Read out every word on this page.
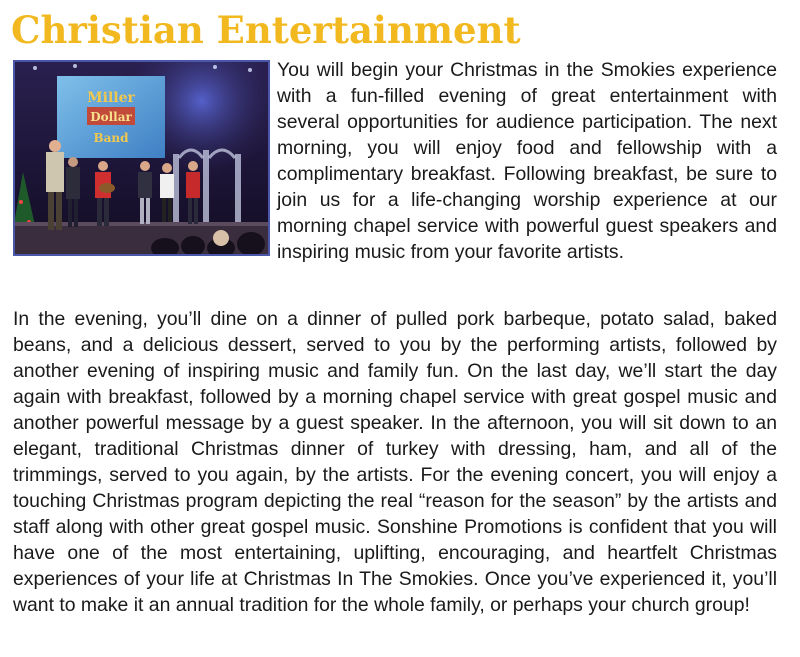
Christian Entertainment

You will begin your Christmas in the Smokies experience with a fun-filled evening of great entertainment with several opportunities for audience participation. The next morning, you will enjoy food and fellowship with a complimentary breakfast. Following breakfast, be sure to join us for a life-changing worship experience at our morning chapel service with powerful guest speakers and inspiring music from your favorite artists.

Miller
Dollar
Band

In the evening, you’ll dine on a dinner of pulled pork barbeque, potato salad, baked beans, and a delicious dessert, served to you by the performing artists, followed by another evening of inspiring music and family fun. On the last day, we’ll start the day again with breakfast, followed by a morning chapel service with great gospel music and another powerful message by a guest speaker. In the afternoon, you will sit down to an elegant, traditional Christmas dinner of turkey with dressing, ham, and all of the trimmings, served to you again, by the artists. For the evening concert, you will enjoy a touching Christmas program depicting the real “reason for the season” by the artists and staff along with other great gospel music. Sonshine Promotions is confident that you will have one of the most entertaining, uplifting, encouraging, and heartfelt Christmas experiences of your life at Christmas In The Smokies. Once you’ve experienced it, you’ll want to make it an annual tradition for the whole family, or perhaps your church group!
